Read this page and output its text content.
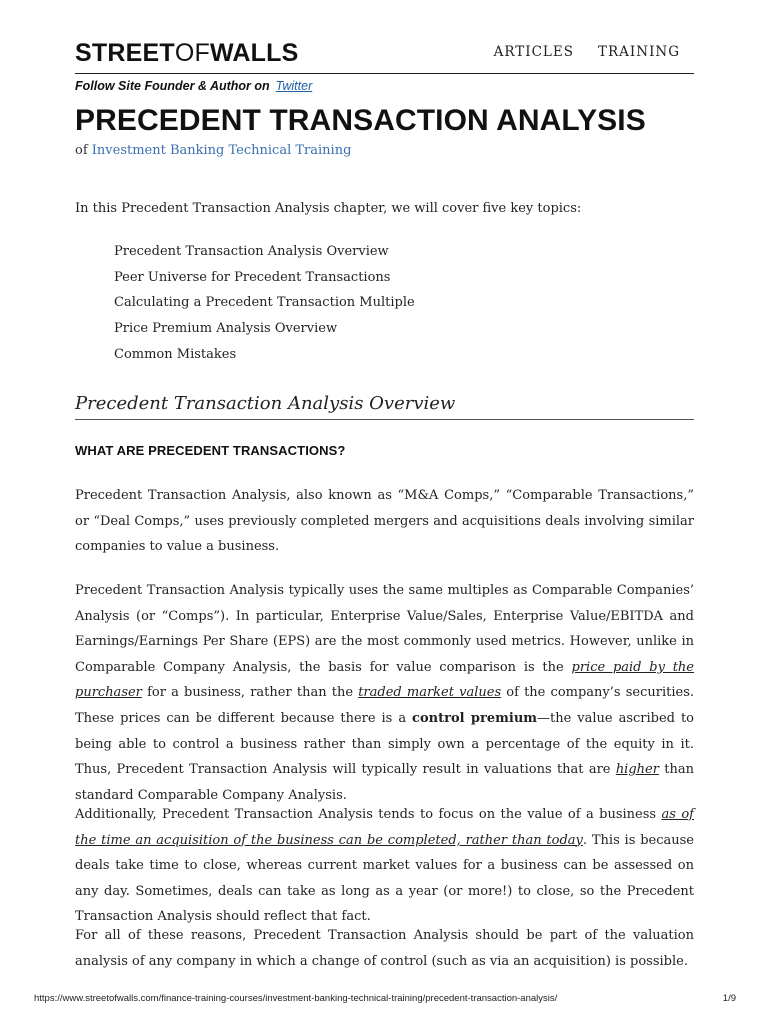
STREETOFWALLS	ARTICLES TRAINING
Follow Site Founder & Author on Twitter
PRECEDENT TRANSACTION ANALYSIS
of Investment Banking Technical Training
In this Precedent Transaction Analysis chapter, we will cover five key topics:
Precedent Transaction Analysis Overview
Peer Universe for Precedent Transactions
Calculating a Precedent Transaction Multiple
Price Premium Analysis Overview
Common Mistakes
Precedent Transaction Analysis Overview
WHAT ARE PRECEDENT TRANSACTIONS?

Precedent Transaction Analysis, also known as “M&A Comps,” “Comparable Transactions,” or “Deal Comps,” uses previously completed mergers and acquisitions deals involving similar companies to value a business.

Precedent Transaction Analysis typically uses the same multiples as Comparable Companies’ Analysis (or “Comps”). In particular, Enterprise Value/Sales, Enterprise Value/EBITDA and Earnings/Earnings Per Share (EPS) are the most commonly used metrics. However, unlike in Comparable Company Analysis, the basis for value comparison is the price paid by the purchaser for a business, rather than the traded market values of the company’s securities. These prices can be different because there is a control premium—the value ascribed to being able to control a business rather than simply own a percentage of the equity in it. Thus, Precedent Transaction Analysis will typically result in valuations that are higher than standard Comparable Company Analysis.

Additionally, Precedent Transaction Analysis tends to focus on the value of a business as of the time an acquisition of the business can be completed, rather than today. This is because deals take time to close, whereas current market values for a business can be assessed on any day. Sometimes, deals can take as long as a year (or more!) to close, so the Precedent Transaction Analysis should reflect that fact.

For all of these reasons, Precedent Transaction Analysis should be part of the valuation analysis of any company in which a change of control (such as via an acquisition) is possible.

https://www.streetofwalls.com/finance-training-courses/investment-banking-technical-training/precedent-transaction-analysis/	1/9
